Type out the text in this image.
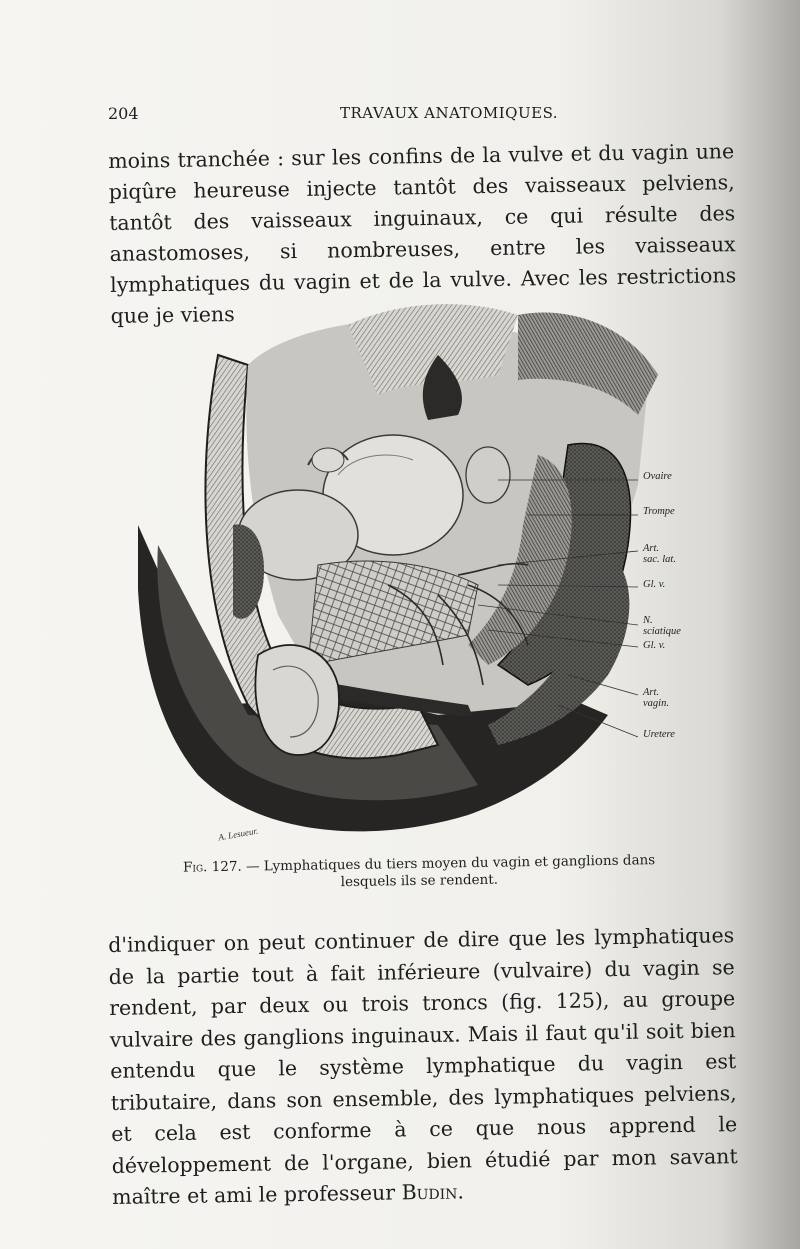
204	TRAVAUX ANATOMIQUES.

moins tranchée : sur les confins de la vulve et du vagin une piqûre heureuse injecte tantôt des vaisseaux pelviens, tantôt des vaisseaux inguinaux, ce qui résulte des anastomoses, si nombreuses, entre les vaisseaux lymphatiques du vagin et de la vulve. Avec les restrictions que je viens

Ovaire
Trompe
Art. sac. lat.
Gl. v.
N. sciatique
Gl. v.
Art. vagin.
Uretere
A. Lesueur.

Fig. 127. — Lymphatiques du tiers moyen du vagin et ganglions dans lesquels ils se rendent.

d'indiquer on peut continuer de dire que les lymphatiques de la partie tout à fait inférieure (vulvaire) du vagin se rendent, par deux ou trois troncs (fig. 125), au groupe vulvaire des ganglions inguinaux. Mais il faut qu'il soit bien entendu que le système lymphatique du vagin est tributaire, dans son ensemble, des lymphatiques pelviens, et cela est conforme à ce que nous apprend le développement de l'organe, bien étudié par mon savant maître et ami le professeur Budin.
